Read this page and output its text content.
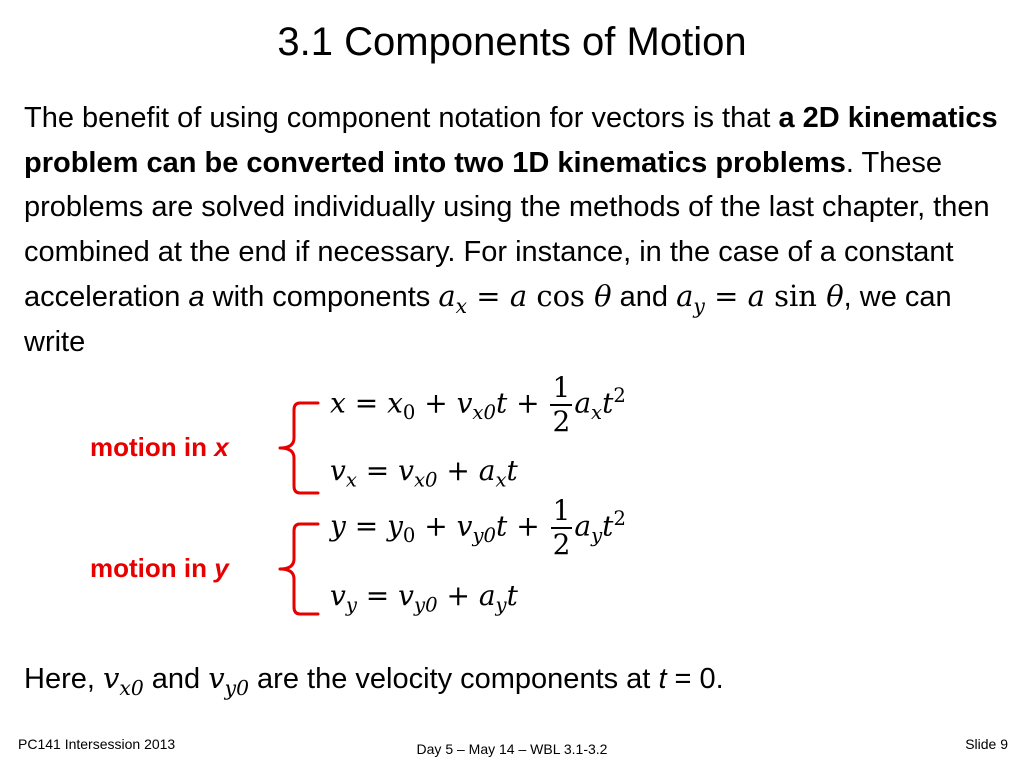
3.1 Components of Motion
The benefit of using component notation for vectors is that a 2D kinematics problem can be converted into two 1D kinematics problems. These problems are solved individually using the methods of the last chapter, then combined at the end if necessary. For instance, in the case of a constant acceleration a with components $a_x = a$ cos θ and $a_y = a$ sin θ, we can write
motion in x
$x = x_0 + v_{x0}t + \frac{1}{2} a_xt^2$
$v_x = v_{x0} + a_xt$
motion in y
$y = y_0 + v_{y0}t + \frac{1}{2} a_yt^2$
$v_y = v_{y0} + a_yt$
Here, $v_{x0}$ and $v_{y0}$ are the velocity components at t = 0.
PC141 Intersession 2013	Day 5 – May 14 – WBL 3.1-3.2	Slide 9
